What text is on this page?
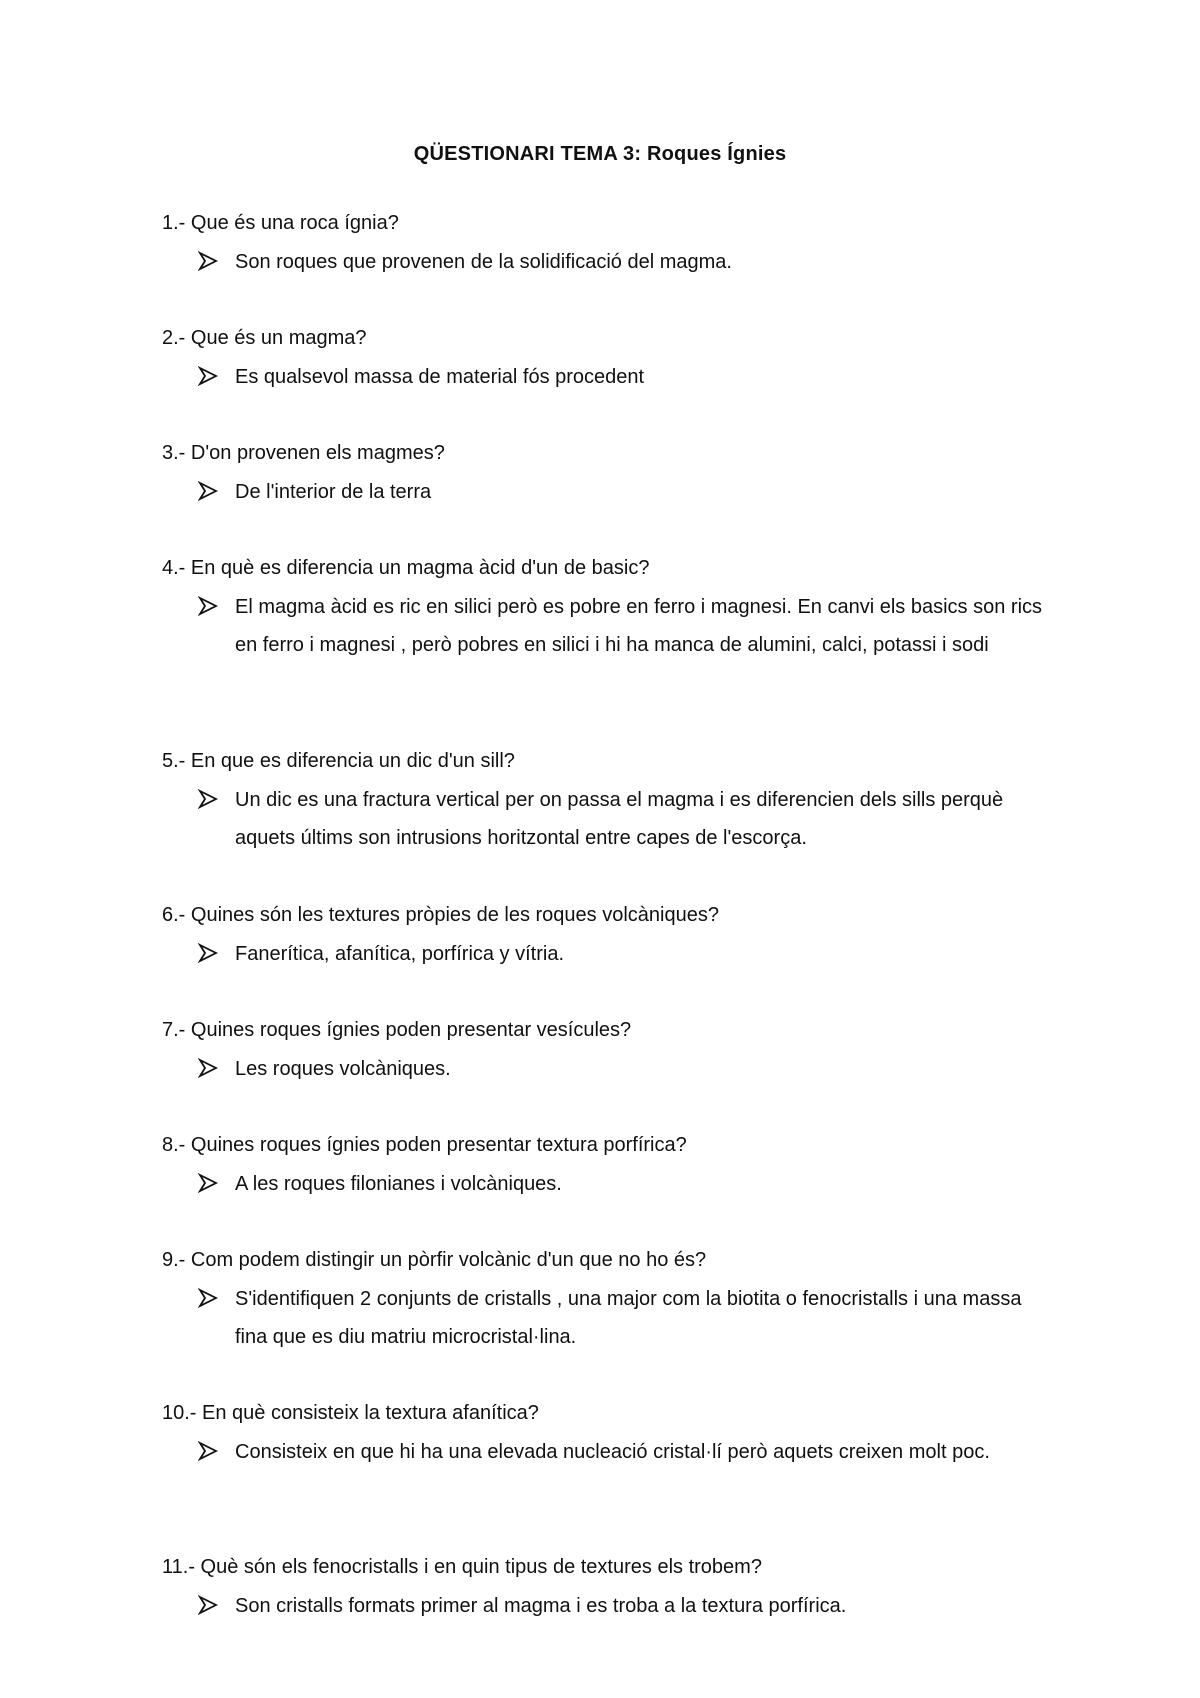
QÜESTIONARI TEMA 3: Roques Ígnies
1.- Que és una roca ígnia?
Son roques que provenen de la solidificació del magma.
2.- Que és un magma?
Es qualsevol massa de material fós procedent
3.- D'on provenen els magmes?
De l'interior de la terra
4.- En què es diferencia un magma àcid d'un de basic?
El magma àcid es ric en silici però es pobre en ferro i magnesi. En canvi els basics son rics en ferro i magnesi , però pobres en silici i hi ha manca de alumini, calci, potassi i sodi
5.- En que es diferencia un dic d'un sill?
Un dic es una fractura vertical per on passa el magma i es diferencien dels sills perquè aquets últims son intrusions horitzontal entre capes de l'escorça.
6.- Quines són les textures pròpies de les roques volcàniques?
Fanerítica, afanítica, porfírica y vítria.
7.- Quines roques ígnies poden presentar vesícules?
Les roques volcàniques.
8.- Quines roques ígnies poden presentar textura porfírica?
A les roques filonianes i volcàniques.
9.- Com podem distingir un pòrfir volcànic d'un que no ho és?
S'identifiquen 2 conjunts de cristalls , una major com la biotita o fenocristalls i una massa fina que es diu matriu microcristal·lina.
10.- En què consisteix la textura afanítica?
Consisteix en que hi ha una elevada nucleació cristal·lí però aquets creixen molt poc.
11.- Què són els fenocristalls i en quin tipus de textures els trobem?
Son cristalls formats primer al magma i es troba a la textura porfírica.
